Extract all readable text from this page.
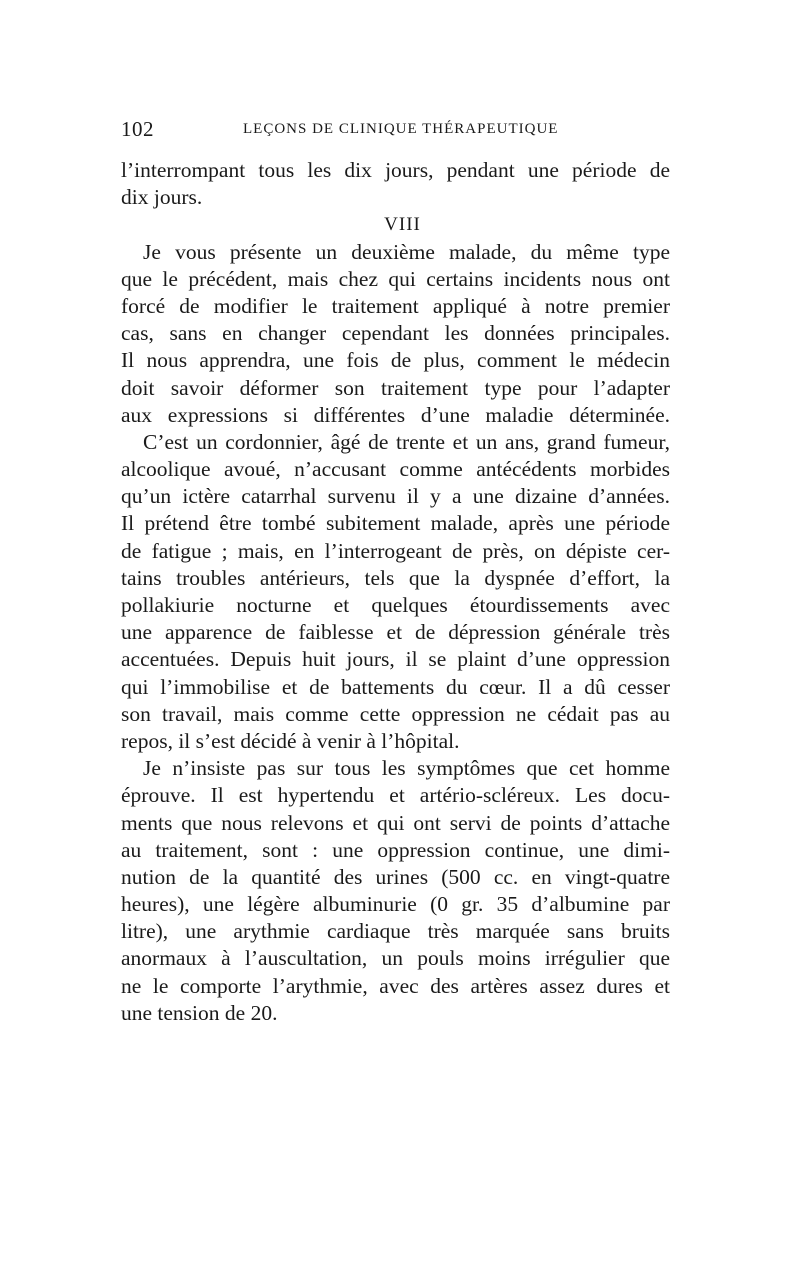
102	LEÇONS DE CLINIQUE THÉRAPEUTIQUE
l’interrompant tous les dix jours, pendant une période de
dix jours.
VIII
Je vous présente un deuxième malade, du même type
que le précédent, mais chez qui certains incidents nous ont
forcé de modifier le traitement appliqué à notre premier
cas, sans en changer cependant les données principales.
Il nous apprendra, une fois de plus, comment le médecin
doit savoir déformer son traitement type pour l’adapter
aux expressions si différentes d’une maladie déterminée.
C’est un cordonnier, âgé de trente et un ans, grand fumeur,
alcoolique avoué, n’accusant comme antécédents morbides
qu’un ictère catarrhal survenu il y a une dizaine d’années.
Il prétend être tombé subitement malade, après une période
de fatigue ; mais, en l’interrogeant de près, on dépiste cer-
tains troubles antérieurs, tels que la dyspnée d’effort, la
pollakiurie nocturne et quelques étourdissements avec
une apparence de faiblesse et de dépression générale très
accentuées. Depuis huit jours, il se plaint d’une oppression
qui l’immobilise et de battements du cœur. Il a dû cesser
son travail, mais comme cette oppression ne cédait pas au
repos, il s’est décidé à venir à l’hôpital.
Je n’insiste pas sur tous les symptômes que cet homme
éprouve. Il est hypertendu et artério-scléreux. Les docu-
ments que nous relevons et qui ont servi de points d’attache
au traitement, sont : une oppression continue, une dimi-
nution de la quantité des urines (500 cc. en vingt-quatre
heures), une légère albuminurie (0 gr. 35 d’albumine par
litre), une arythmie cardiaque très marquée sans bruits
anormaux à l’auscultation, un pouls moins irrégulier que
ne le comporte l’arythmie, avec des artères assez dures et
une tension de 20.
